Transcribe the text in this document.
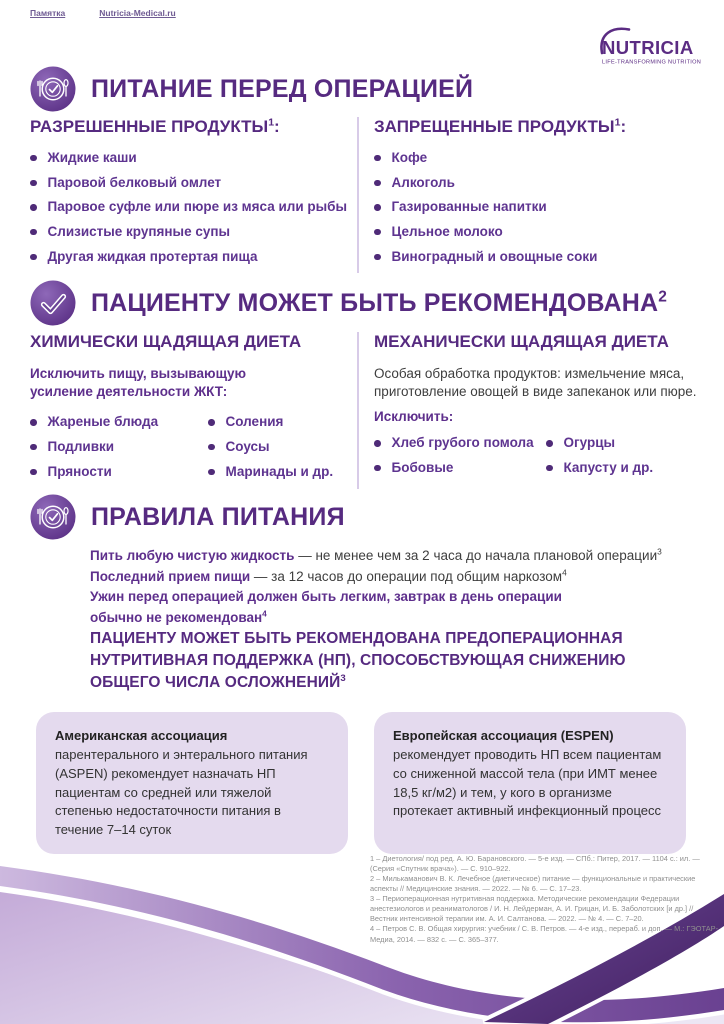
Памятка	Nutricia-Medical.ru
NUTRICIA
LIFE-TRANSFORMING NUTRITION
ПИТАНИЕ ПЕРЕД ОПЕРАЦИЕЙ
РАЗРЕШЕННЫЕ ПРОДУКТЫ$^1$:
Жидкие каши
Паровой белковый омлет
Паровое суфле или пюре из мяса или рыбы
Слизистые крупяные супы
Другая жидкая протертая пища
ЗАПРЕЩЕННЫЕ ПРОДУКТЫ$^1$:
Кофе
Алкоголь
Газированные напитки
Цельное молоко
Виноградный и овощные соки
ПАЦИЕНТУ МОЖЕТ БЫТЬ РЕКОМЕНДОВАНА$^2$
ХИМИЧЕСКИ ЩАДЯЩАЯ ДИЕТА

Исключить пищу, вызывающую усиление деятельности ЖКТ:

Жареные блюда
Подливки
Пряности
Соления
Соусы
Маринады и др.
МЕХАНИЧЕСКИ ЩАДЯЩАЯ ДИЕТА

Особая обработка продуктов: измельчение мяса, приготовление овощей в виде запеканок или пюре.

Исключить:

Хлеб грубого помола
Бобовые
Огурцы
Капусту и др.
ПРАВИЛА ПИТАНИЯ

Пить любую чистую жидкость — не менее чем за 2 часа до начала плановой операции$^3$

Последний прием пищи — за 12 часов до операции под общим наркозом$^4$

Ужин перед операцией должен быть легким, завтрак в день операции
обычно не рекомендован$^4$

ПАЦИЕНТУ МОЖЕТ БЫТЬ РЕКОМЕНДОВАНА ПРЕДОПЕРАЦИОННАЯ
НУТРИТИВНАЯ ПОДДЕРЖКА (НП), СПОСОБСТВУЮЩАЯ СНИЖЕНИЮ
ОБЩЕГО ЧИСЛА ОСЛОЖНЕНИЙ$^3$
Американская ассоциация парентерального и энтерального питания (ASPEN) рекомендует назначать НП пациентам со средней или тяжелой степенью недостаточности питания в течение 7–14 суток
Европейская ассоциация (ESPEN)
рекомендует проводить НП всем пациентам со сниженной массой тела (при ИМТ менее 18,5 кг/м2) и тем, у кого в организме протекает активный инфекционный процесс

1 – Диетология/ под ред. А. Ю. Барановского. — 5-е изд. — СПб.: Питер, 2017. — 1104 с.: ил. — (Серия «Спутник врача»). — С. 910–922.

2 – Милькаманович В. К. Лечебное (диетическое) питание — функциональные и практические аспекты // Медицинские знания. — 2022. — № 6. — С. 17–23.

3 – Периоперационная нутритивная поддержка. Методические рекомендации Федерации анестезиологов и реаниматологов / И. Н. Лейдерман, А. И. Грицан, И. Б. Заболотских [и др.] // Вестник интенсивной терапии им. А. И. Салтанова. — 2022. — № 4. — С. 7–20.

4 – Петров С. В. Общая хирургия: учебник / С. В. Петров. — 4-е изд., перераб. и доп. — М.: ГЭОТАР-Медиа, 2014. — 832 с. — С. 365–377.
